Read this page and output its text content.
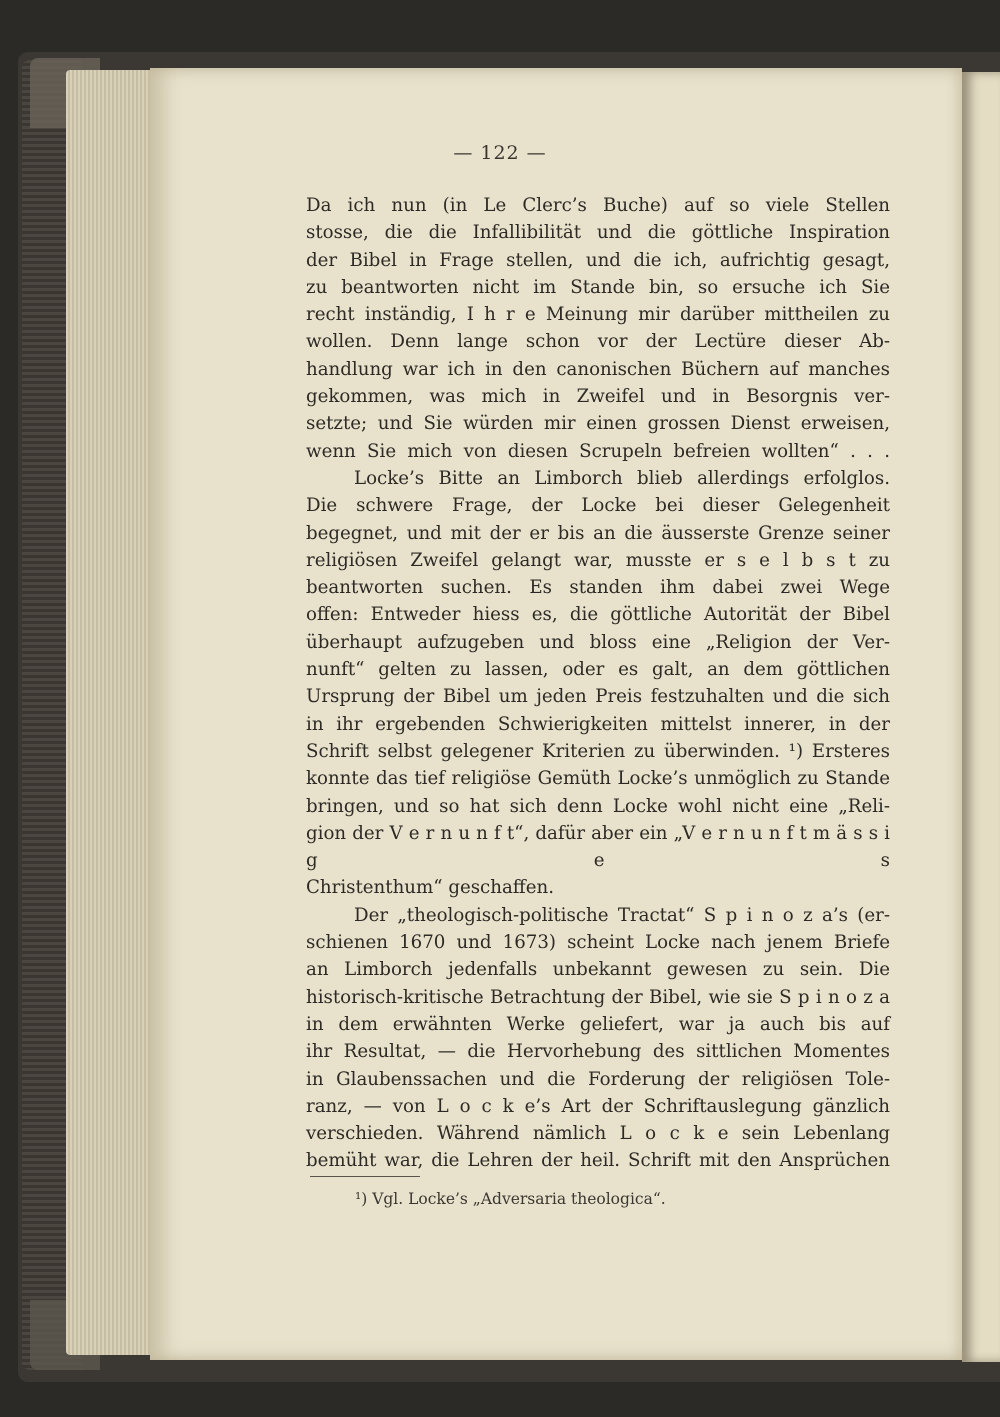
— 122 —

Da ich nun (in Le Clerc’s Buche) auf so viele Stellen

stosse, die die Infallibilität und die göttliche Inspiration

der Bibel in Frage stellen, und die ich, aufrichtig gesagt,

zu beantworten nicht im Stande bin, so ersuche ich Sie

recht inständig, I h r e Meinung mir darüber mittheilen zu

wollen. Denn lange schon vor der Lectüre dieser Ab-

handlung war ich in den canonischen Büchern auf manches

gekommen, was mich in Zweifel und in Besorgnis ver-

setzte; und Sie würden mir einen grossen Dienst erweisen,

wenn Sie mich von diesen Scrupeln befreien wollten“ . . .

Locke’s Bitte an Limborch blieb allerdings erfolglos.

Die schwere Frage, der Locke bei dieser Gelegenheit

begegnet, und mit der er bis an die äusserste Grenze seiner

religiösen Zweifel gelangt war, musste er s e l b s t zu

beantworten suchen. Es standen ihm dabei zwei Wege

offen: Entweder hiess es, die göttliche Autorität der Bibel

überhaupt aufzugeben und bloss eine „Religion der Ver-

nunft“ gelten zu lassen, oder es galt, an dem göttlichen

Ursprung der Bibel um jeden Preis festzuhalten und die sich

in ihr ergebenden Schwierigkeiten mittelst innerer, in der

Schrift selbst gelegener Kriterien zu überwinden. ¹) Ersteres

konnte das tief religiöse Gemüth Locke’s unmöglich zu Stande

bringen, und so hat sich denn Locke wohl nicht eine „Reli-

gion der V e r n u n f t“, dafür aber ein „V e r n u n f t m ä s s i g e s

Christenthum“ geschaffen.

Der „theologisch-politische Tractat“ S p i n o z a’s (er-

schienen 1670 und 1673) scheint Locke nach jenem Briefe

an Limborch jedenfalls unbekannt gewesen zu sein. Die

historisch-kritische Betrachtung der Bibel, wie sie S p i n o z a

in dem erwähnten Werke geliefert, war ja auch bis auf

ihr Resultat, — die Hervorhebung des sittlichen Momentes

in Glaubenssachen und die Forderung der religiösen Tole-

ranz, — von L o c k e’s Art der Schriftauslegung gänzlich

verschieden. Während nämlich L o c k e sein Lebenlang

bemüht war, die Lehren der heil. Schrift mit den Ansprüchen

¹) Vgl. Locke’s „Adversaria theologica“.
